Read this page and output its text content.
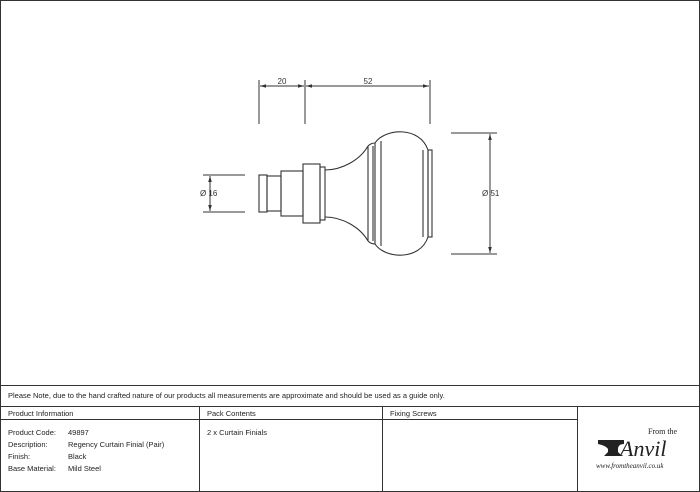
20	52
Ø 16	Ø 51
Please Note, due to the hand crafted nature of our products all measurements are approximate and should be used as a guide only.
Product Information	Pack Contents	Fixing Screws
Product Code: 49897
Description:	Regency Curtain Finial (Pair)
Finish:	Black
Base Material: Mild Steel
2 x Curtain Finials	From the
Anvil
www.fromtheanvil.co.uk
